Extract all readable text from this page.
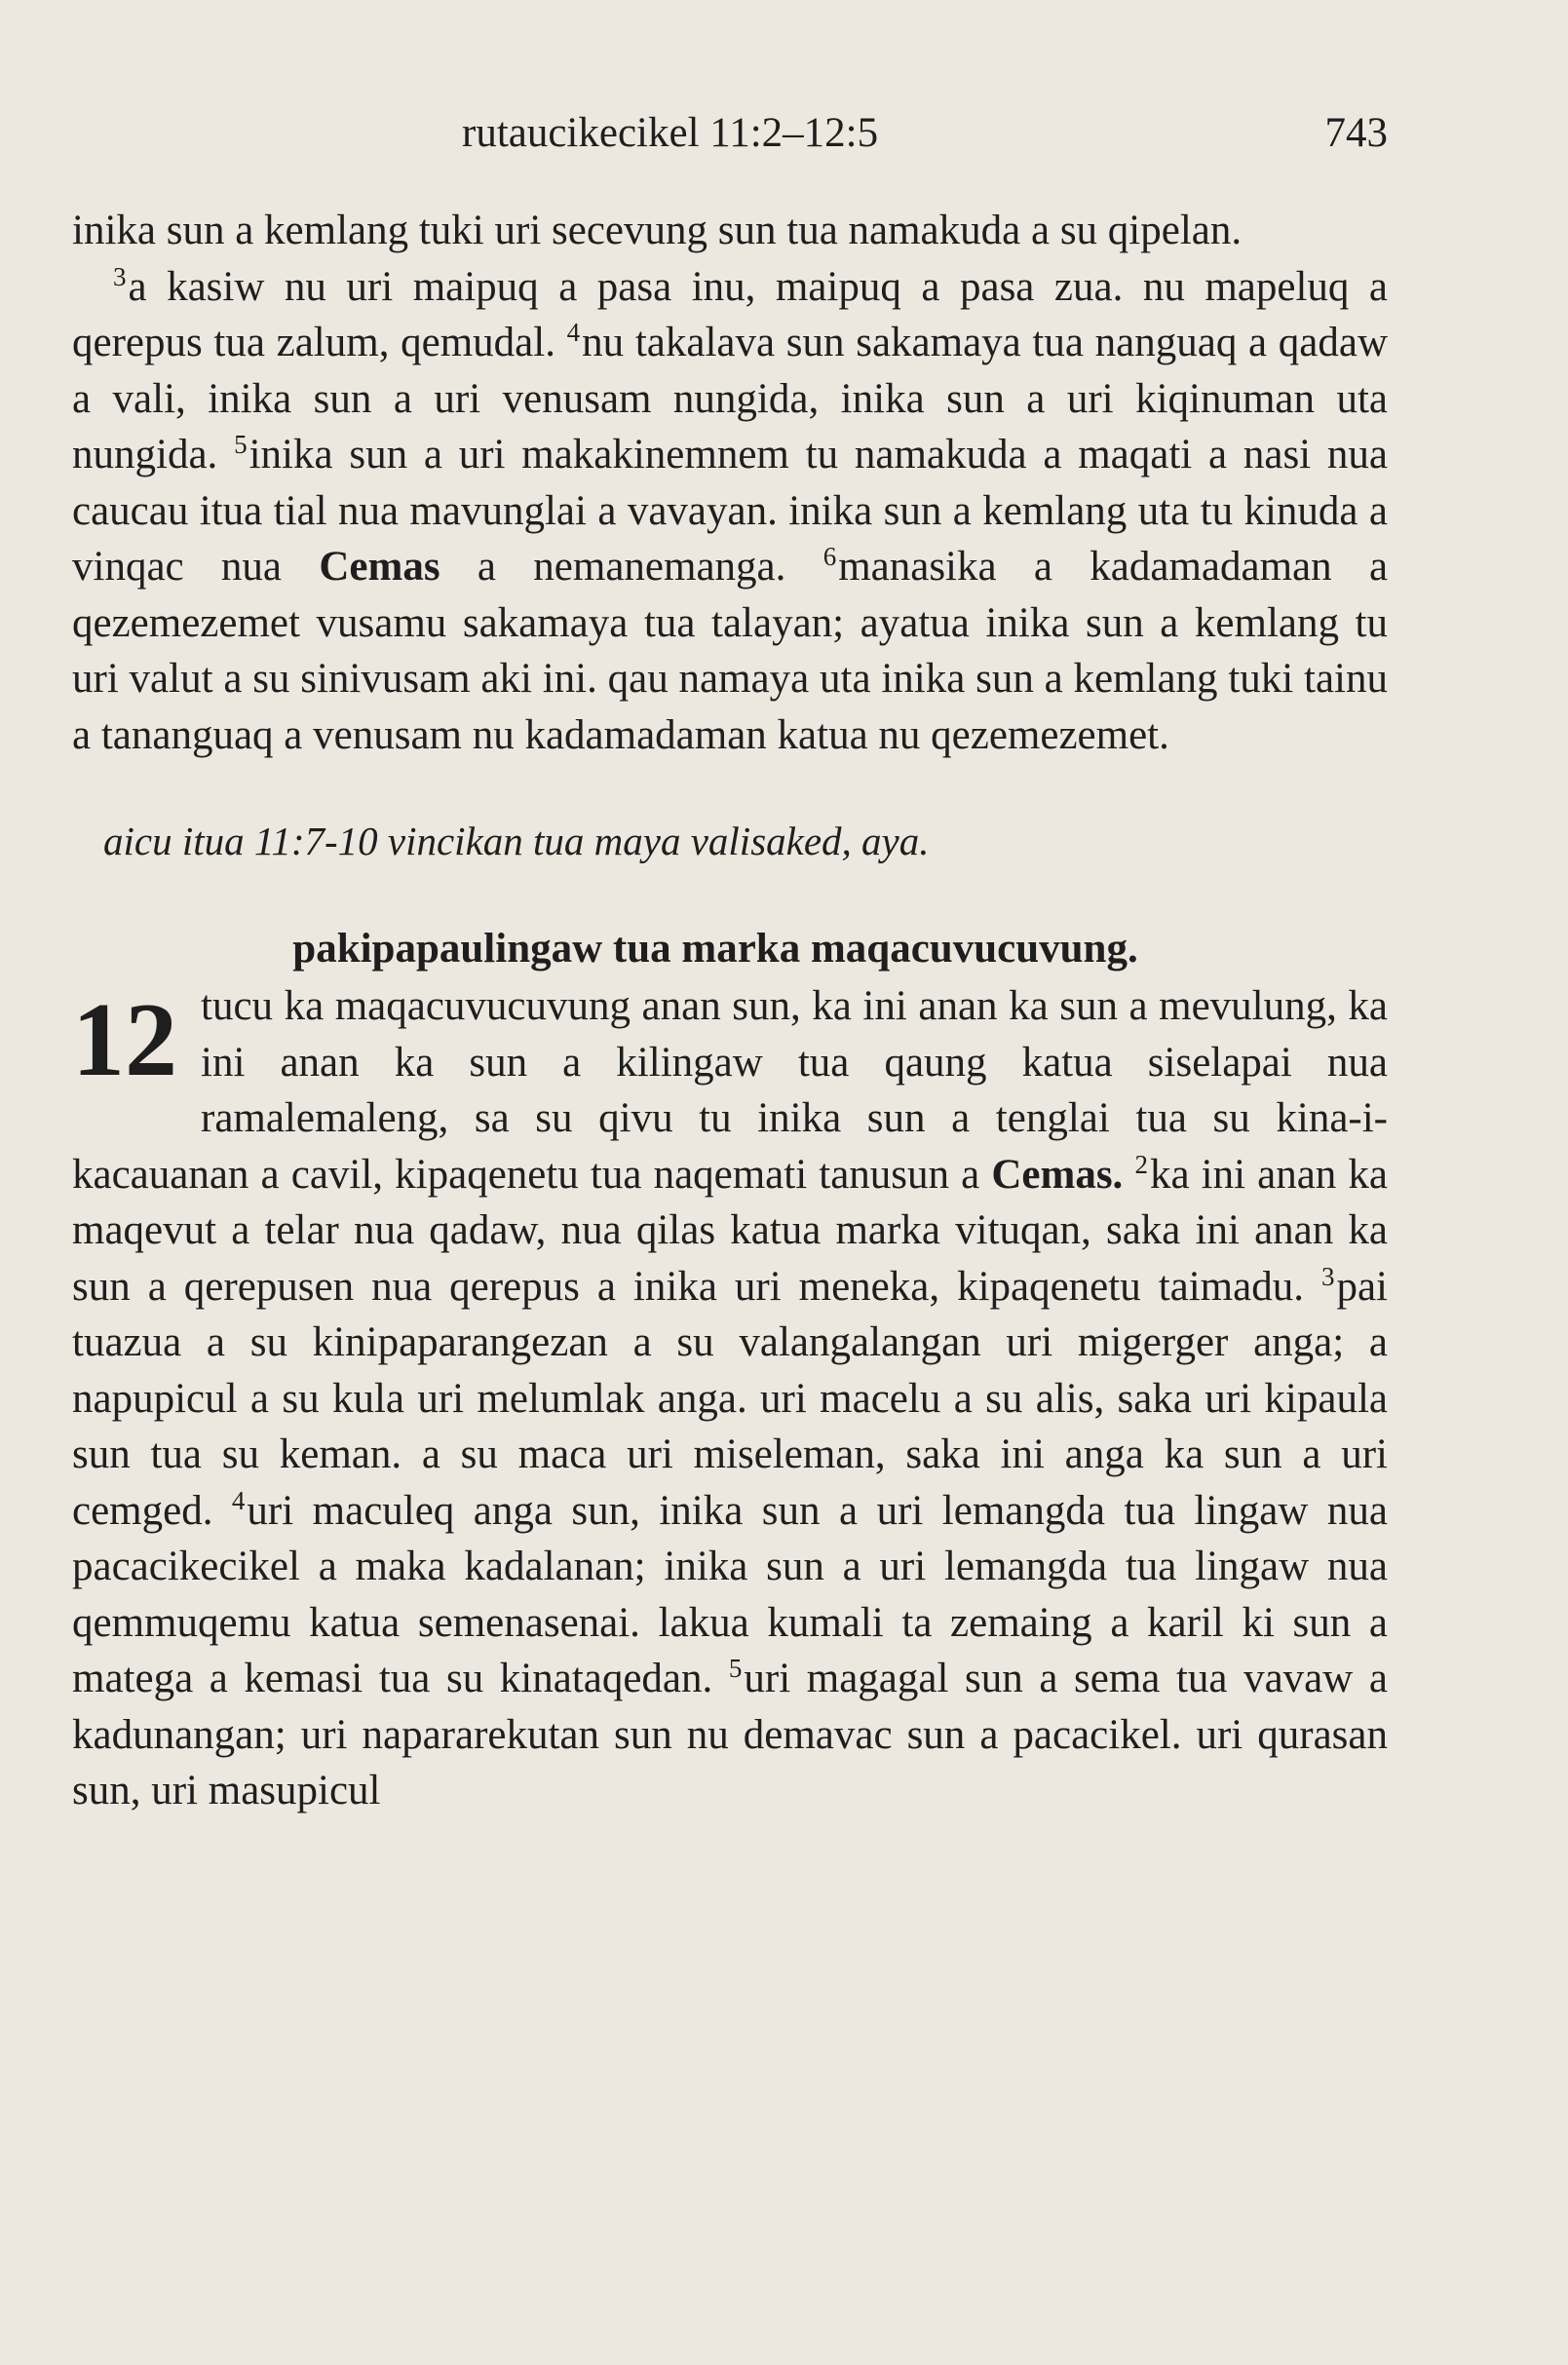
rutaucikecikel 11:2–12:5	743

inika sun a kemlang tuki uri secevung sun tua namakuda a su qipelan.

$^3$a kasiw nu uri maipuq a pasa inu, maipuq a pasa zua. nu mapeluq a qerepus tua zalum, qemudal. $^4$nu takalava sun sakamaya tua nanguaq a qadaw a vali, inika sun a uri venusam nungida, inika sun a uri kiqinuman uta nungida. $^5$inika sun a uri makakinemnem tu namakuda a maqati a nasi nua caucau itua tial nua mavunglai a vavayan. inika sun a kemlang uta tu kinuda a vinqac nua Cemas a nemanemanga. $^6$manasika a kadamadaman a qezemezemet vusamu sakamaya tua talayan; ayatua inika sun a kemlang tu uri valut a su sinivusam aki ini. qau namaya uta inika sun a kemlang tuki tainu a tananguaq a venusam nu kadamadaman katua nu qezemezemet.

aicu itua 11:7-10 vincikan tua maya valisaked, aya.

pakipapaulingaw tua marka maqacuvucuvung.

12 tucu ka maqacuvucuvung anan sun, ka ini anan ka sun a mevulung, ka ini anan ka sun a kilingaw tua qaung katua siselapai nua ramalemaleng, sa su qivu tu inika sun a tenglai tua su kina-i-kacauanan a cavil, kipaqenetu tua naqemati tanusun a Cemas. $^2$ka ini anan ka maqevut a telar nua qadaw, nua qilas katua marka vituqan, saka ini anan ka sun a qerepusen nua qerepus a inika uri meneka, kipaqenetu taimadu. $^3$pai tuazua a su kinipaparangezan a su valangalangan uri migerger anga; a napupicul a su kula uri melumlak anga. uri macelu a su alis, saka uri kipaula sun tua su keman. a su maca uri miseleman, saka ini anga ka sun a uri cemged. $^4$uri maculeq anga sun, inika sun a uri lemangda tua lingaw nua pacacikecikel a maka kadalanan; inika sun a uri lemangda tua lingaw nua qemmuqemu katua semenasenai. lakua kumali ta zemaing a karil ki sun a matega a kemasi tua su kinataqedan. $^5$uri magagal sun a sema tua vavaw a kadunangan; uri napararekutan sun nu demavac sun a pacacikel. uri qurasan sun, uri masupicul
